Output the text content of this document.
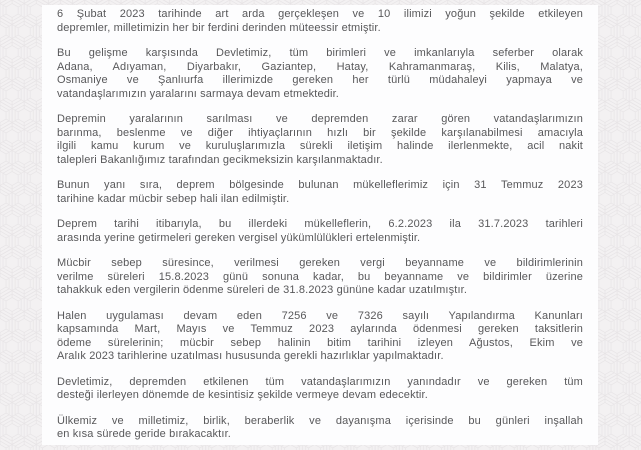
6 Şubat 2023 tarihinde art arda gerçekleşen ve 10 ilimizi yoğun şekilde etkileyen
depremler, milletimizin her bir ferdini derinden müteessir etmiştir.
Bu gelişme karşısında Devletimiz, tüm birimleri ve imkanlarıyla seferber olarak
Adana, Adıyaman, Diyarbakır, Gaziantep, Hatay, Kahramanmaraş, Kilis, Malatya,
Osmaniye ve Şanlıurfa illerimizde gereken her türlü müdahaleyi yapmaya ve
vatandaşlarımızın yaralarını sarmaya devam etmektedir.
Depremin yaralarının sarılması ve depremden zarar gören vatandaşlarımızın
barınma, beslenme ve diğer ihtiyaçlarının hızlı bir şekilde karşılanabilmesi amacıyla
ilgili kamu kurum ve kuruluşlarımızla sürekli iletişim halinde ilerlenmekte, acil nakit
talepleri Bakanlığımız tarafından gecikmeksizin karşılanmaktadır.
Bunun yanı sıra, deprem bölgesinde bulunan mükelleflerimiz için 31 Temmuz 2023
tarihine kadar mücbir sebep hali ilan edilmiştir.
Deprem tarihi itibarıyla, bu illerdeki mükelleflerin, 6.2.2023 ila 31.7.2023 tarihleri
arasında yerine getirmeleri gereken vergisel yükümlülükleri ertelenmiştir.
Mücbir sebep süresince, verilmesi gereken vergi beyanname ve bildirimlerinin
verilme süreleri 15.8.2023 günü sonuna kadar, bu beyanname ve bildirimler üzerine
tahakkuk eden vergilerin ödenme süreleri de 31.8.2023 gününe kadar uzatılmıştır.
Halen uygulaması devam eden 7256 ve 7326 sayılı Yapılandırma Kanunları
kapsamında Mart, Mayıs ve Temmuz 2023 aylarında ödenmesi gereken taksitlerin
ödeme sürelerinin; mücbir sebep halinin bitim tarihini izleyen Ağustos, Ekim ve
Aralık 2023 tarihlerine uzatılması hususunda gerekli hazırlıklar yapılmaktadır.
Devletimiz, depremden etkilenen tüm vatandaşlarımızın yanındadır ve gereken tüm
desteği ilerleyen dönemde de kesintisiz şekilde vermeye devam edecektir.
Ülkemiz ve milletimiz, birlik, beraberlik ve dayanışma içerisinde bu günleri inşallah
en kısa sürede geride bırakacaktır.
